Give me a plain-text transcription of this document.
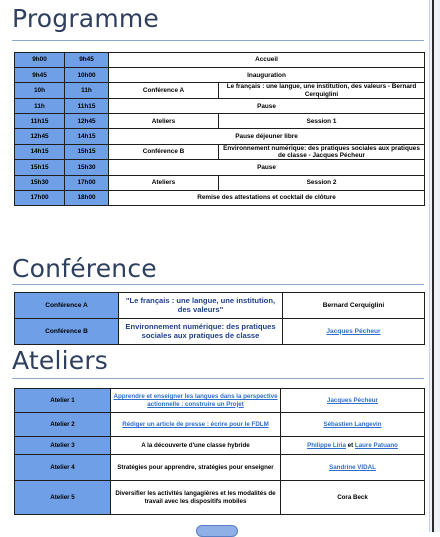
Programme
9h00	9h45	Accueil	
9h45	10h00	Inauguration	
10h	11h	Conférence A	Le français : une langue, une institution, des valeurs - Bernard Cerquiglini
11h	11h15	Pause	
11h15	12h45	Ateliers	Session 1
12h45	14h15	Pause déjeuner libre	
14h15	15h15	Conférence B	Environnement numérique: des pratiques sociales aux pratiques de classe - Jacques Pécheur
15h15	15h30	Pause	
15h30	17h00	Ateliers	Session 2
17h00	18h00	Remise des attestations et cocktail de clôture	
Conférence
Conférence A	"Le français : une langue, une institution, des valeurs"	Bernard Cerquiglini
Conférence B	Environnement numérique: des pratiques sociales aux pratiques de classe	Jacques Pécheur
Ateliers
Atelier 1	Apprendre et enseigner les langues dans la perspective actionnelle : construire un Projet	Jacques Pécheur
Atelier 2	Rédiger un article de presse : écrire pour le FDLM	Sébastien Langevin
Atelier 3	A la découverte d'une classe hybride	Philippe Liria et Laure Patuano
Atelier 4	Stratégies pour apprendre, stratégies pour enseigner	Sandrine VIDAL
Atelier 5	Diversifier les activités langagières et les modalités de travail avec les dispositifs mobiles	Cora Beck
